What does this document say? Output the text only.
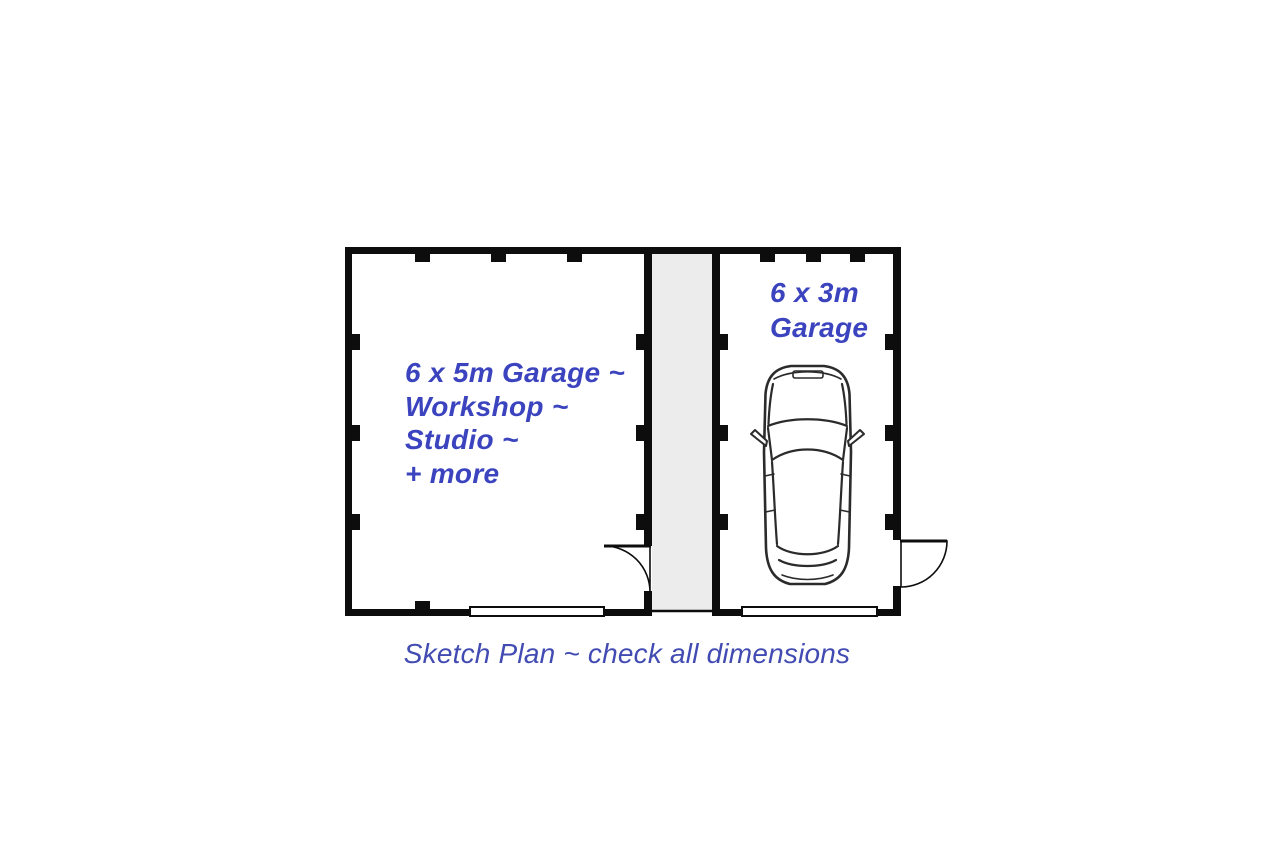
6 x 5m Garage ~
Workshop ~
Studio ~
+ more
6 x 3m
Garage
Sketch Plan ~ check all dimensions
